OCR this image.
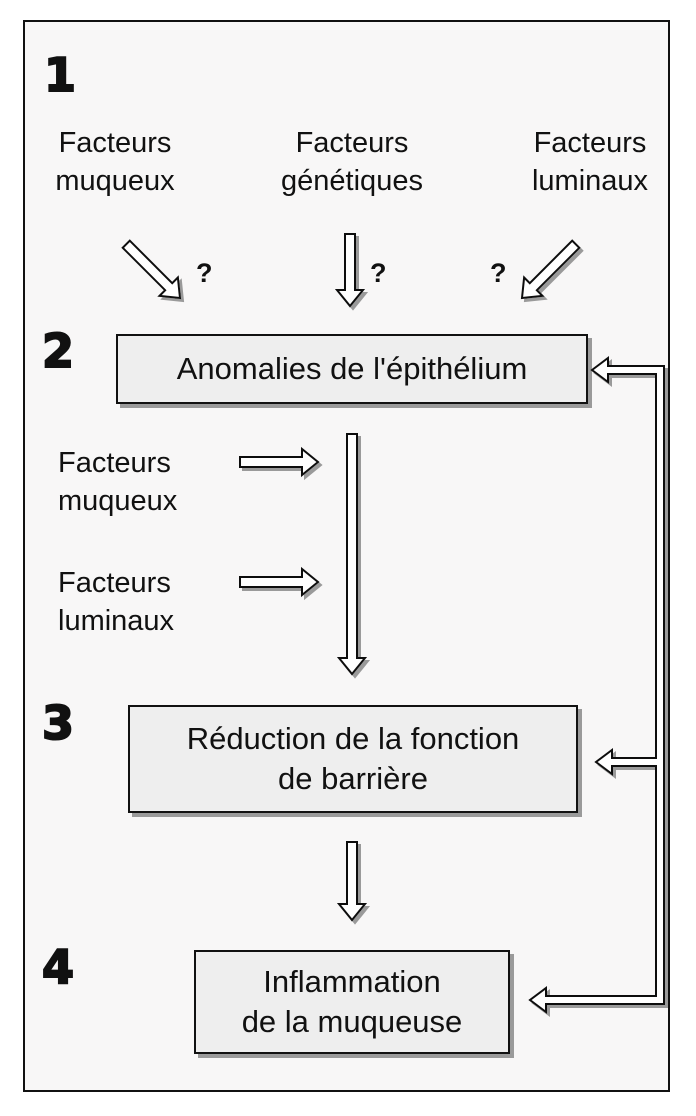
1
2
3
4
Facteurs
muqueux
Facteurs
génétiques
Facteurs
luminaux
?	?	?
Anomalies de l'épithélium
Réduction de la fonction
de barrière
Inflammation
de la muqueuse
Facteurs
muqueux
Facteurs
luminaux
